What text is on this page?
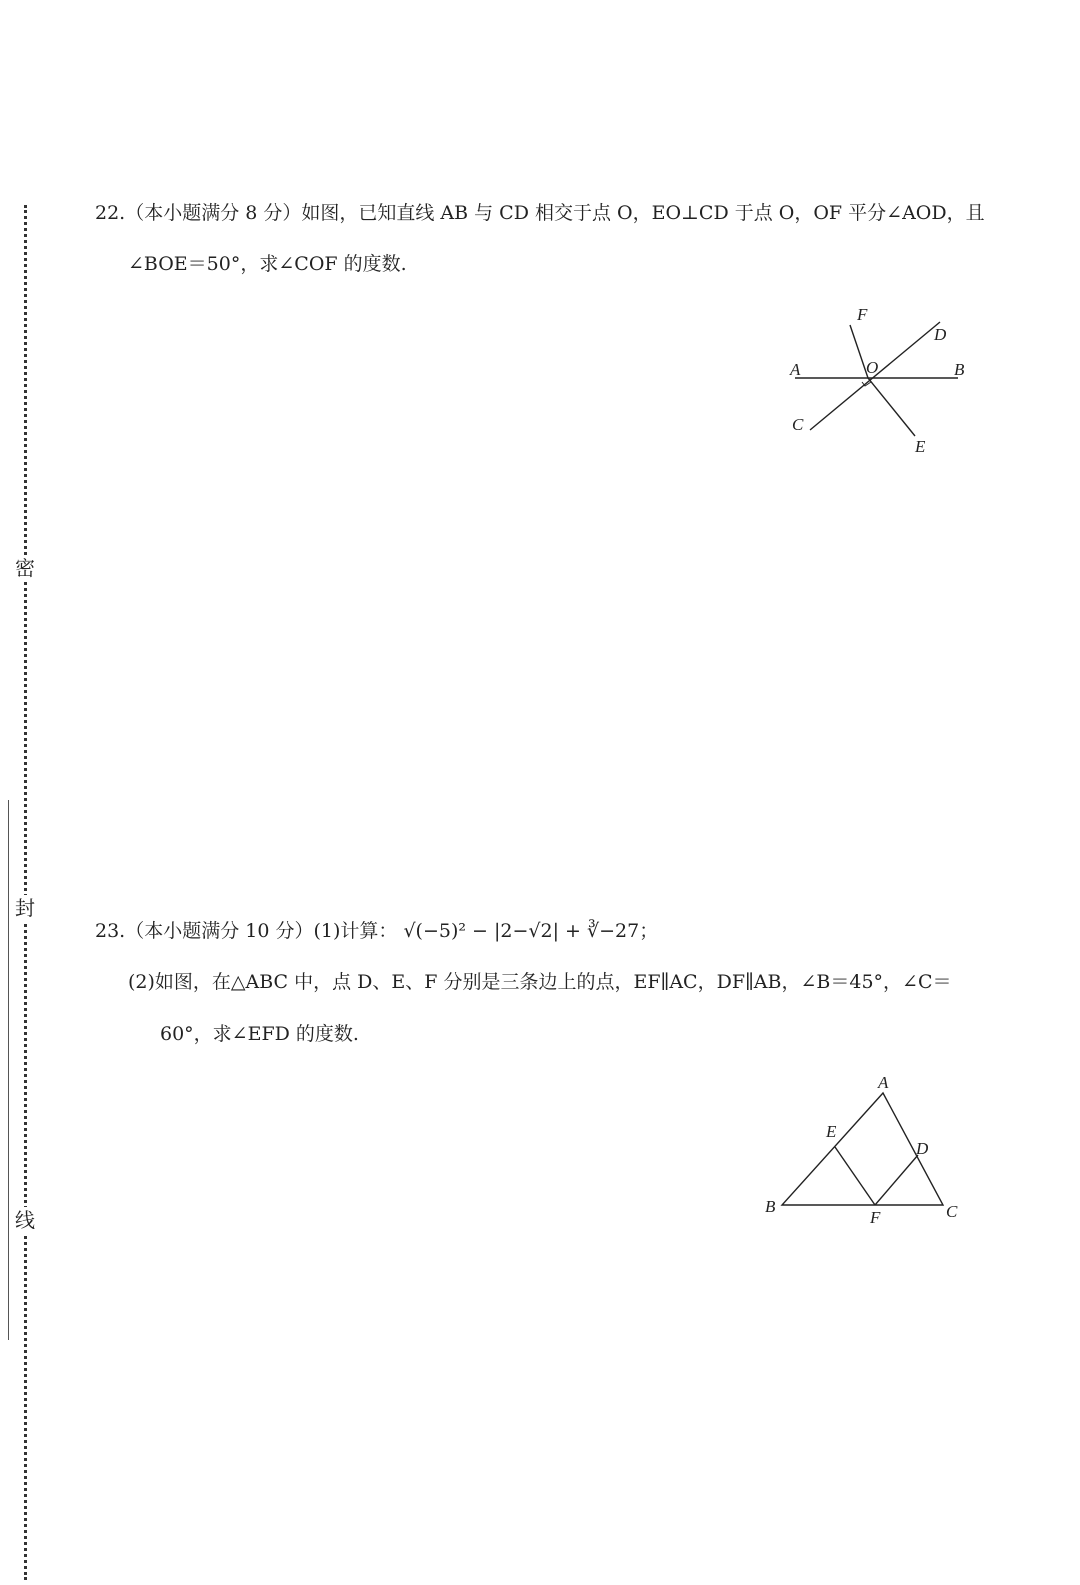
密
封
线
22.（本小题满分 8 分）如图，已知直线 AB 与 CD 相交于点 O，EO⊥CD 于点 O，OF 平分∠AOD，且
∠BOE＝50°，求∠COF 的度数.
A	B
C
D
E
F
O
23.（本小题满分 10 分）(1)计算： √(−5)² − |2−√2| + ∛−27；
(2)如图，在△ABC 中，点 D、E、F 分别是三条边上的点，EF∥AC，DF∥AB，∠B＝45°，∠C＝
60°，求∠EFD 的度数.
A
B	C
D
E
F
